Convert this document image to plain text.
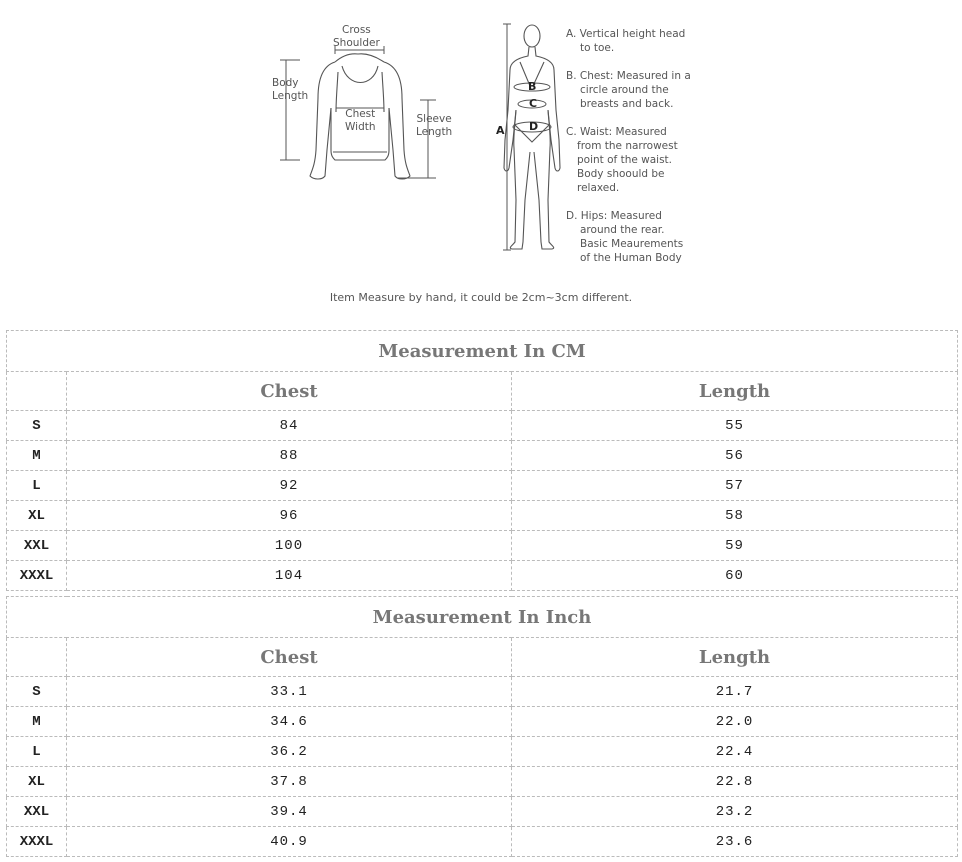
Cross
Shoulder
Body
Length
Chest
Width
Sleeve
Length	A
B
C
D
A. Vertical height head
to toe.
B. Chest: Measured in a
circle around the
breasts and back.
C. Waist: Measured
from the narrowest
point of the waist.
Body shoould be
relaxed.
D. Hips: Measured
around the rear.
Basic Meaurements
of the Human Body
Item Measure by hand, it could be 2cm~3cm different.
Measurement In CM		
	Chest	Length
S	84	55
M	88	56
L	92	57
XL	96	58
XXL	100	59
XXXL	104	60
Measurement In Inch		
	Chest	Length
S	33.1	21.7
M	34.6	22.0
L	36.2	22.4
XL	37.8	22.8
XXL	39.4	23.2
XXXL	40.9	23.6
